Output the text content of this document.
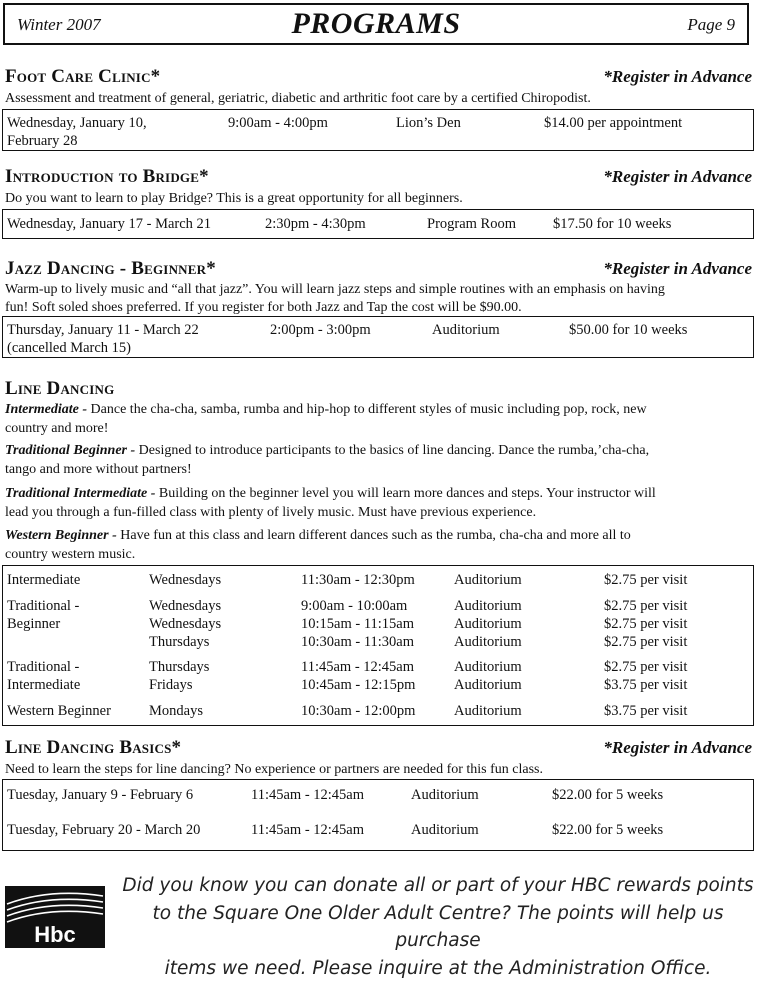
Winter 2007	PROGRAMS	Page 9
Foot Care Clinic*	*Register in Advance
Assessment and treatment of general, geriatric, diabetic and arthritic foot care by a certified Chiropodist.
Wednesday, January 10,
February 28
9:00am - 4:00pm	Lion’s Den	$14.00 per appointment
Introduction to Bridge*	*Register in Advance
Do you want to learn to play Bridge? This is a great opportunity for all beginners.
Wednesday, January 17 - March 21	2:30pm - 4:30pm	Program Room	$17.50 for 10 weeks
Jazz Dancing - Beginner*	*Register in Advance
Warm-up to lively music and “all that jazz”. You will learn jazz steps and simple routines with an emphasis on having
fun! Soft soled shoes preferred. If you register for both Jazz and Tap the cost will be $90.00.
Thursday, January 11 - March 22
(cancelled March 15)
2:00pm - 3:00pm	Auditorium	$50.00 for 10 weeks
Line Dancing
Intermediate - Dance the cha-cha, samba, rumba and hip-hop to different styles of music including pop, rock, new
country and more!
Traditional Beginner - Designed to introduce participants to the basics of line dancing. Dance the rumba,ʼcha-cha,
tango and more without partners!
Traditional Intermediate - Building on the beginner level you will learn more dances and steps. Your instructor will
lead you through a fun-filled class with plenty of lively music. Must have previous experience.
Western Beginner - Have fun at this class and learn different dances such as the rumba, cha-cha and more all to
country western music.
Intermediate	Wednesdays	11:30am - 12:30pm	Auditorium	$2.75 per visit
Traditional -
Beginner
Wednesdays	9:00am - 10:00am	Auditorium	$2.75 per visit
Wednesdays	10:15am - 11:15am	Auditorium	$2.75 per visit
Thursdays	10:30am - 11:30am	Auditorium	$2.75 per visit
Traditional -
Intermediate
Thursdays	11:45am - 12:45am	Auditorium	$2.75 per visit
Fridays	10:45am - 12:15pm	Auditorium	$3.75 per visit
Western Beginner	Mondays	10:30am - 12:00pm	Auditorium	$3.75 per visit
Line Dancing Basics*	*Register in Advance
Need to learn the steps for line dancing? No experience or partners are needed for this fun class.
Tuesday, January 9 - February 6	11:45am - 12:45am	Auditorium	$22.00 for 5 weeks
Tuesday, February 20 - March 20	11:45am - 12:45am	Auditorium	$22.00 for 5 weeks
Hbc
Did you know you can donate all or part of your HBC rewards points
to the Square One Older Adult Centre? The points will help us purchase
items we need. Please inquire at the Administration Office.
